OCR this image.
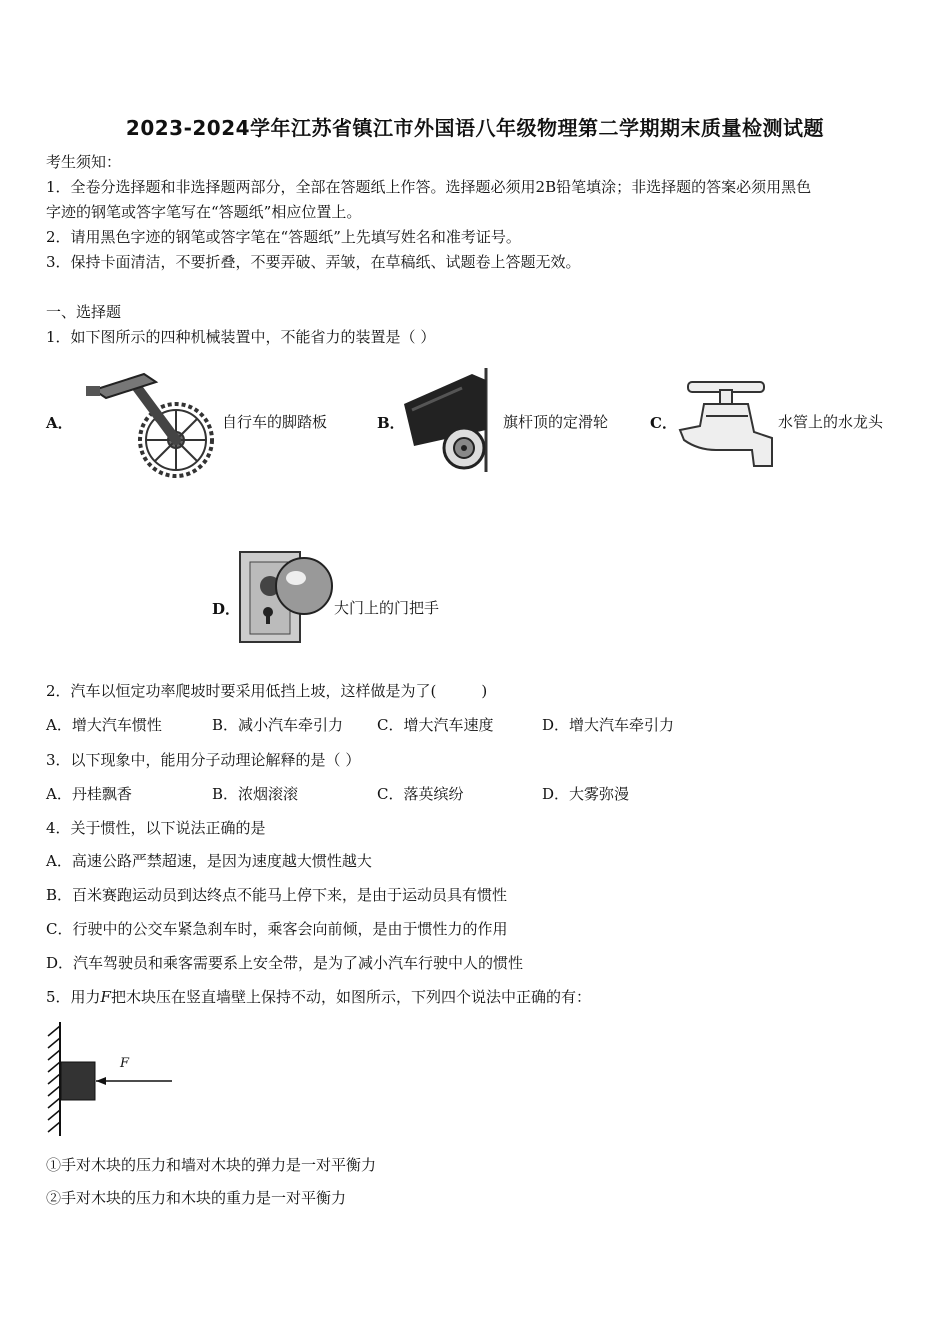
2023-2024学年江苏省镇江市外国语八年级物理第二学期期末质量检测试题
考生须知：
1．全卷分选择题和非选择题两部分，全部在答题纸上作答。选择题必须用2B铅笔填涂；非选择题的答案必须用黑色
字迹的钢笔或答字笔写在“答题纸”相应位置上。
2．请用黑色字迹的钢笔或答字笔在“答题纸”上先填写姓名和准考证号。
3．保持卡面清洁，不要折叠，不要弄破、弄皱，在草稿纸、试题卷上答题无效。
一、选择题
1．如下图所示的四种机械装置中，不能省力的装置是（ ）
A．	自行车的脚踏板	B．	旗杆顶的定滑轮	C．	水管上的水龙头
D．	大门上的门把手
2．汽车以恒定功率爬坡时要采用低挡上坡，这样做是为了(　　　)
A．增大汽车惯性	B．减小汽车牵引力 C．增大汽车速度	D．增大汽车牵引力
3．以下现象中，能用分子动理论解释的是（ ）
A．丹桂飘香	B．浓烟滚滚	C．落英缤纷	D．大雾弥漫
4．关于惯性，以下说法正确的是
A．高速公路严禁超速，是因为速度越大惯性越大
B．百米赛跑运动员到达终点不能马上停下来，是由于运动员具有惯性
C．行驶中的公交车紧急刹车时，乘客会向前倾，是由于惯性力的作用
D．汽车驾驶员和乘客需要系上安全带，是为了减小汽车行驶中人的惯性
5．用力F把木块压在竖直墙壁上保持不动，如图所示，下列四个说法中正确的有：
F
①手对木块的压力和墙对木块的弹力是一对平衡力
②手对木块的压力和木块的重力是一对平衡力
